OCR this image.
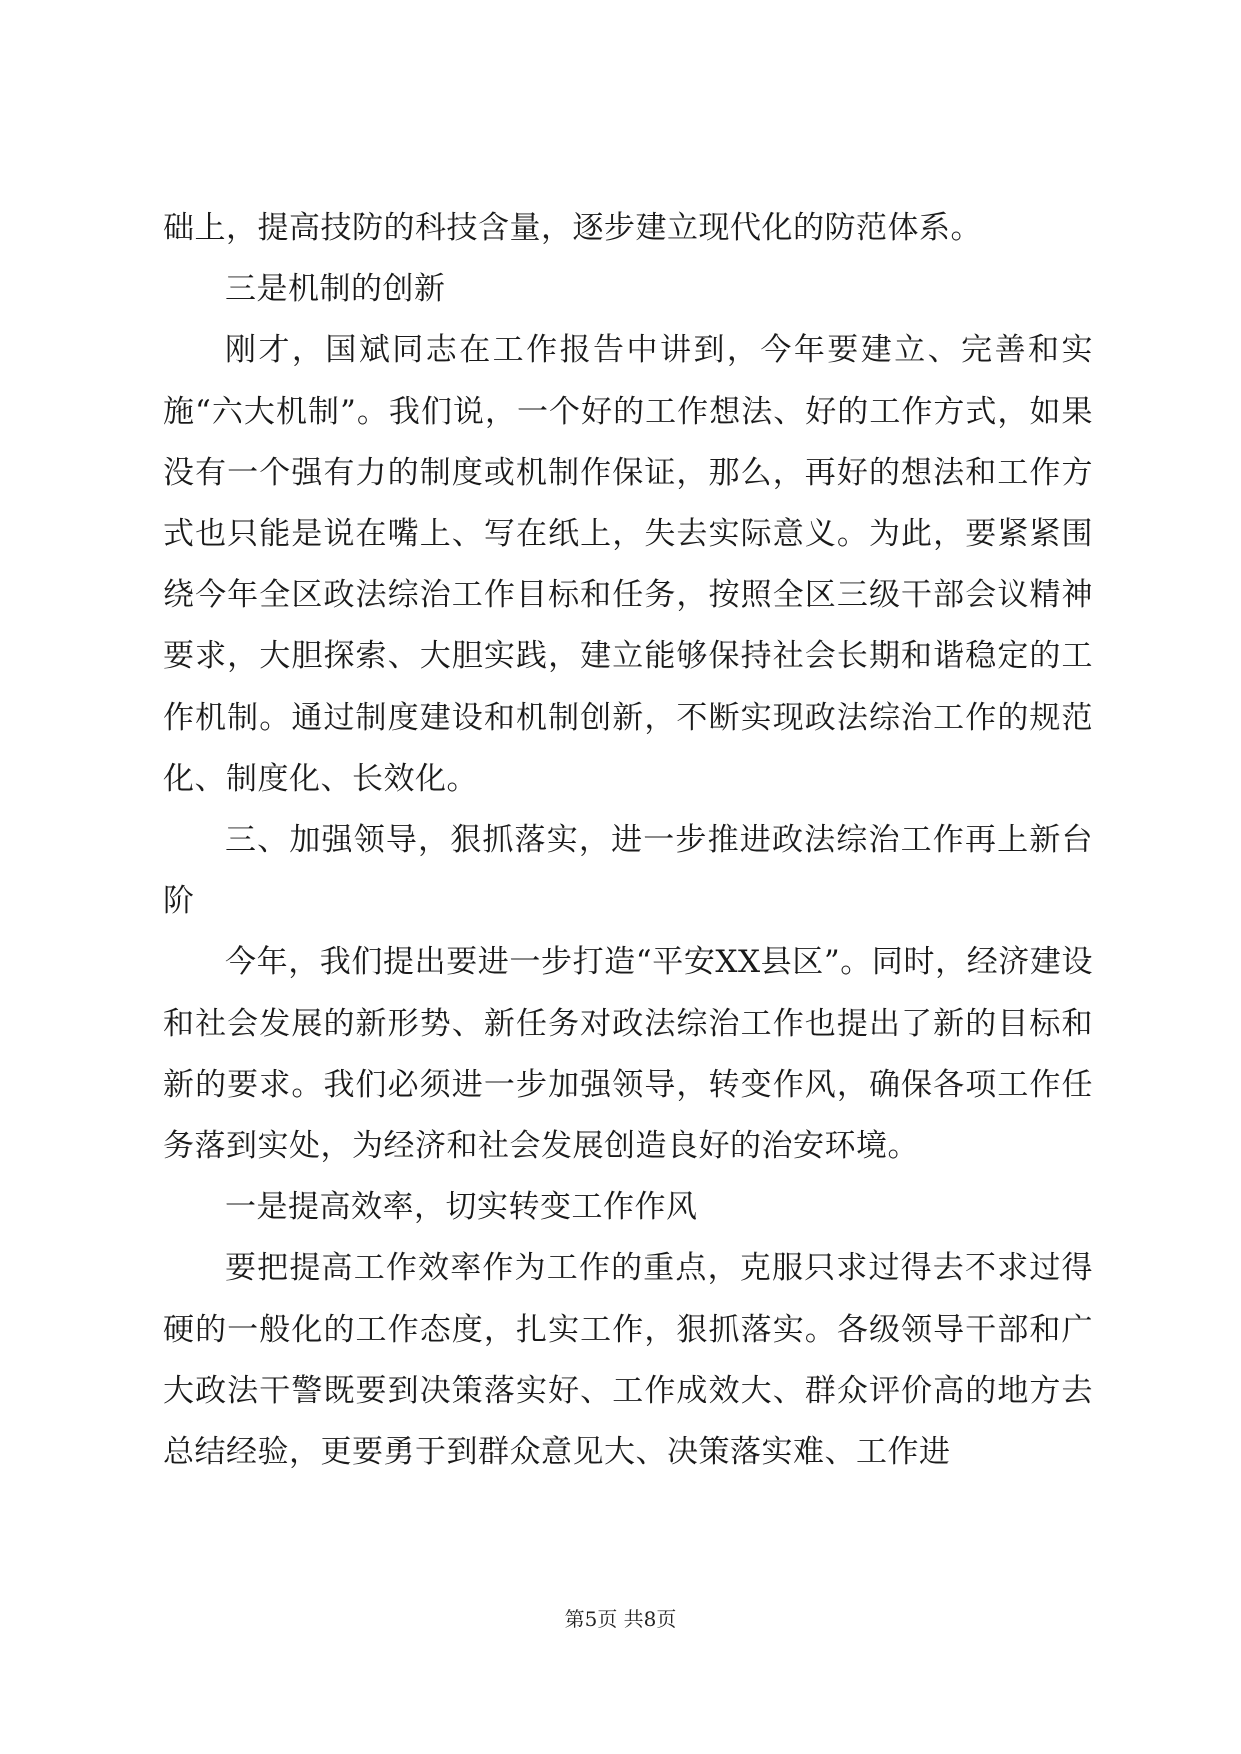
础上，提高技防的科技含量，逐步建立现代化的防范体系。

三是机制的创新

刚才，国斌同志在工作报告中讲到，今年要建立、完善和实施“六大机制”。我们说，一个好的工作想法、好的工作方式，如果没有一个强有力的制度或机制作保证，那么，再好的想法和工作方式也只能是说在嘴上、写在纸上，失去实际意义。为此，要紧紧围绕今年全区政法综治工作目标和任务，按照全区三级干部会议精神要求，大胆探索、大胆实践，建立能够保持社会长期和谐稳定的工作机制。通过制度建设和机制创新，不断实现政法综治工作的规范化、制度化、长效化。

三、加强领导，狠抓落实，进一步推进政法综治工作再上新台阶

今年，我们提出要进一步打造“平安XX县区”。同时，经济建设和社会发展的新形势、新任务对政法综治工作也提出了新的目标和新的要求。我们必须进一步加强领导，转变作风，确保各项工作任务落到实处，为经济和社会发展创造良好的治安环境。

一是提高效率，切实转变工作作风

要把提高工作效率作为工作的重点，克服只求过得去不求过得硬的一般化的工作态度，扎实工作，狠抓落实。各级领导干部和广大政法干警既要到决策落实好、工作成效大、群众评价高的地方去总结经验，更要勇于到群众意见大、决策落实难、工作进

第5页 共8页
